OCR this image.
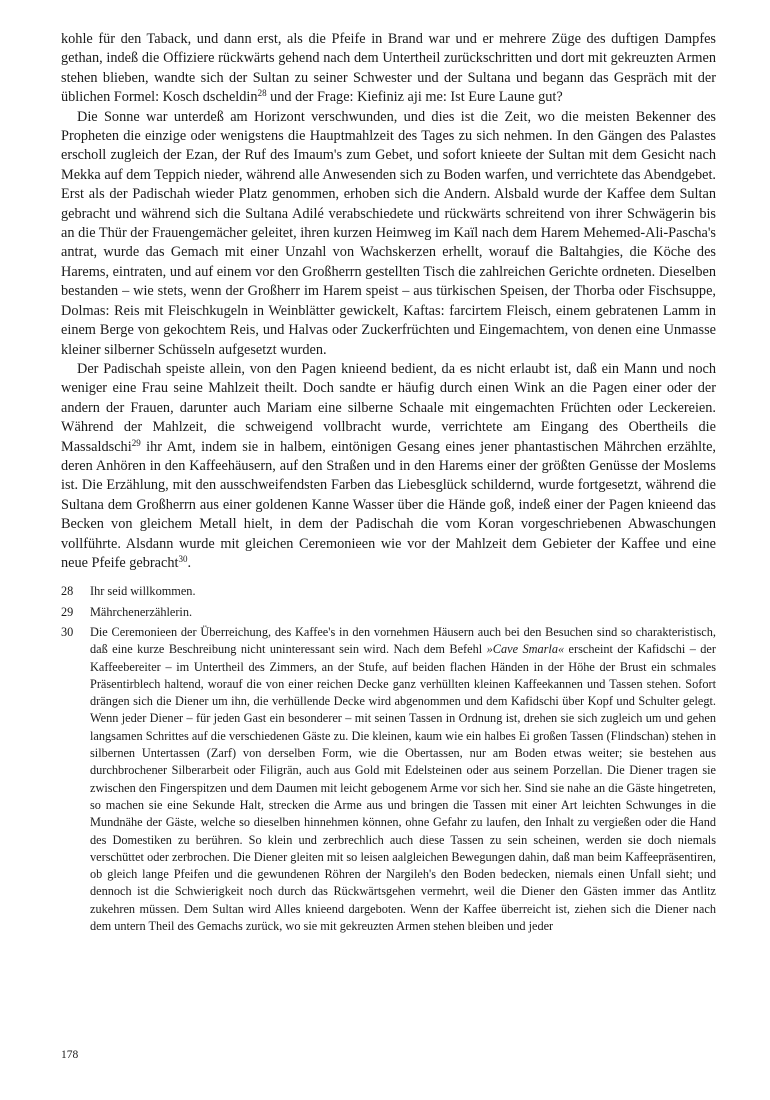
kohle für den Taback, und dann erst, als die Pfeife in Brand war und er mehrere Züge des duftigen Dampfes gethan, indeß die Offiziere rückwärts gehend nach dem Untertheil zurückschritten und dort mit gekreuzten Armen stehen blieben, wandte sich der Sultan zu seiner Schwester und der Sultana und begann das Gespräch mit der üblichen Formel: Kosch dscheldin$^{28}$ und der Frage: Kiefiniz aji me: Ist Eure Laune gut?

Die Sonne war unterdeß am Horizont verschwunden, und dies ist die Zeit, wo die meisten Bekenner des Propheten die einzige oder wenigstens die Hauptmahlzeit des Tages zu sich nehmen. In den Gängen des Palastes erscholl zugleich der Ezan, der Ruf des Imaum's zum Gebet, und sofort knieete der Sultan mit dem Gesicht nach Mekka auf dem Teppich nieder, während alle Anwesenden sich zu Boden warfen, und verrichtete das Abendgebet. Erst als der Padischah wieder Platz genommen, erhoben sich die Andern. Alsbald wurde der Kaffee dem Sultan gebracht und während sich die Sultana Adilé verabschiedete und rückwärts schreitend von ihrer Schwägerin bis an die Thür der Frauengemächer geleitet, ihren kurzen Heimweg im Kaïl nach dem Harem Mehemed-Ali-Pascha's antrat, wurde das Gemach mit einer Unzahl von Wachskerzen erhellt, worauf die Baltahgies, die Köche des Harems, eintraten, und auf einem vor den Großherrn gestellten Tisch die zahlreichen Gerichte ordneten. Dieselben bestanden – wie stets, wenn der Großherr im Harem speist – aus türkischen Speisen, der Thorba oder Fischsuppe, Dolmas: Reis mit Fleischkugeln in Weinblätter gewickelt, Kaftas: farcirtem Fleisch, einem gebratenen Lamm in einem Berge von gekochtem Reis, und Halvas oder Zuckerfrüchten und Eingemachtem, von denen eine Unmasse kleiner silberner Schüsseln aufgesetzt wurden.

Der Padischah speiste allein, von den Pagen knieend bedient, da es nicht erlaubt ist, daß ein Mann und noch weniger eine Frau seine Mahlzeit theilt. Doch sandte er häufig durch einen Wink an die Pagen einer oder der andern der Frauen, darunter auch Mariam eine silberne Schaale mit eingemachten Früchten oder Leckereien. Während der Mahlzeit, die schweigend vollbracht wurde, verrichtete am Eingang des Obertheils die Massaldschi$^{29}$ ihr Amt, indem sie in halbem, eintönigen Gesang eines jener phantastischen Mährchen erzählte, deren Anhören in den Kaffeehäusern, auf den Straßen und in den Harems einer der größten Genüsse der Moslems ist. Die Erzählung, mit den ausschweifendsten Farben das Liebesglück schildernd, wurde fortgesetzt, während die Sultana dem Großherrn aus einer goldenen Kanne Wasser über die Hände goß, indeß einer der Pagen knieend das Becken von gleichem Metall hielt, in dem der Padischah die vom Koran vorgeschriebenen Abwaschungen vollführte. Alsdann wurde mit gleichen Ceremonieen wie vor der Mahlzeit dem Gebieter der Kaffee und eine neue Pfeife gebracht$^{30}$.

28 Ihr seid willkommen.
29 Mährchenerzählerin.
30 Die Ceremonieen der Überreichung, des Kaffee's in den vornehmen Häusern auch bei den Besuchen sind so charakteristisch, daß eine kurze Beschreibung nicht uninteressant sein wird. Nach dem Befehl »Cave Smarla« erscheint der Kafidschi – der Kaffeebereiter – im Untertheil des Zimmers, an der Stufe, auf beiden flachen Händen in der Höhe der Brust ein schmales Präsentirblech haltend, worauf die von einer reichen Decke ganz verhüllten kleinen Kaffeekannen und Tassen stehen. Sofort drängen sich die Diener um ihn, die verhüllende Decke wird abgenommen und dem Kafidschi über Kopf und Schulter gelegt. Wenn jeder Diener – für jeden Gast ein besonderer – mit seinen Tassen in Ordnung ist, drehen sie sich zugleich um und gehen langsamen Schrittes auf die verschiedenen Gäste zu. Die kleinen, kaum wie ein halbes Ei großen Tassen (Flindschan) stehen in silbernen Untertassen (Zarf) von derselben Form, wie die Obertassen, nur am Boden etwas weiter; sie bestehen aus durchbrochener Silberarbeit oder Filigrän, auch aus Gold mit Edelsteinen oder aus seinem Porzellan. Die Diener tragen sie zwischen den Fingerspitzen und dem Daumen mit leicht gebogenem Arme vor sich her. Sind sie nahe an die Gäste hingetreten, so machen sie eine Sekunde Halt, strecken die Arme aus und bringen die Tassen mit einer Art leichten Schwunges in die Mundnähe der Gäste, welche so dieselben hinnehmen können, ohne Gefahr zu laufen, den Inhalt zu vergießen oder die Hand des Domestiken zu berühren. So klein und zerbrechlich auch diese Tassen zu sein scheinen, werden sie doch niemals verschüttet oder zerbrochen. Die Diener gleiten mit so leisen aalgleichen Bewegungen dahin, daß man beim Kaffeepräsentiren, ob gleich lange Pfeifen und die gewundenen Röhren der Nargileh's den Boden bedecken, niemals einen Unfall sieht; und dennoch ist die Schwierigkeit noch durch das Rückwärtsgehen vermehrt, weil die Diener den Gästen immer das Antlitz zukehren müssen. Dem Sultan wird Alles knieend dargeboten. Wenn der Kaffee überreicht ist, ziehen sich die Diener nach dem untern Theil des Gemachs zurück, wo sie mit gekreuzten Armen stehen bleiben und jeder
178
